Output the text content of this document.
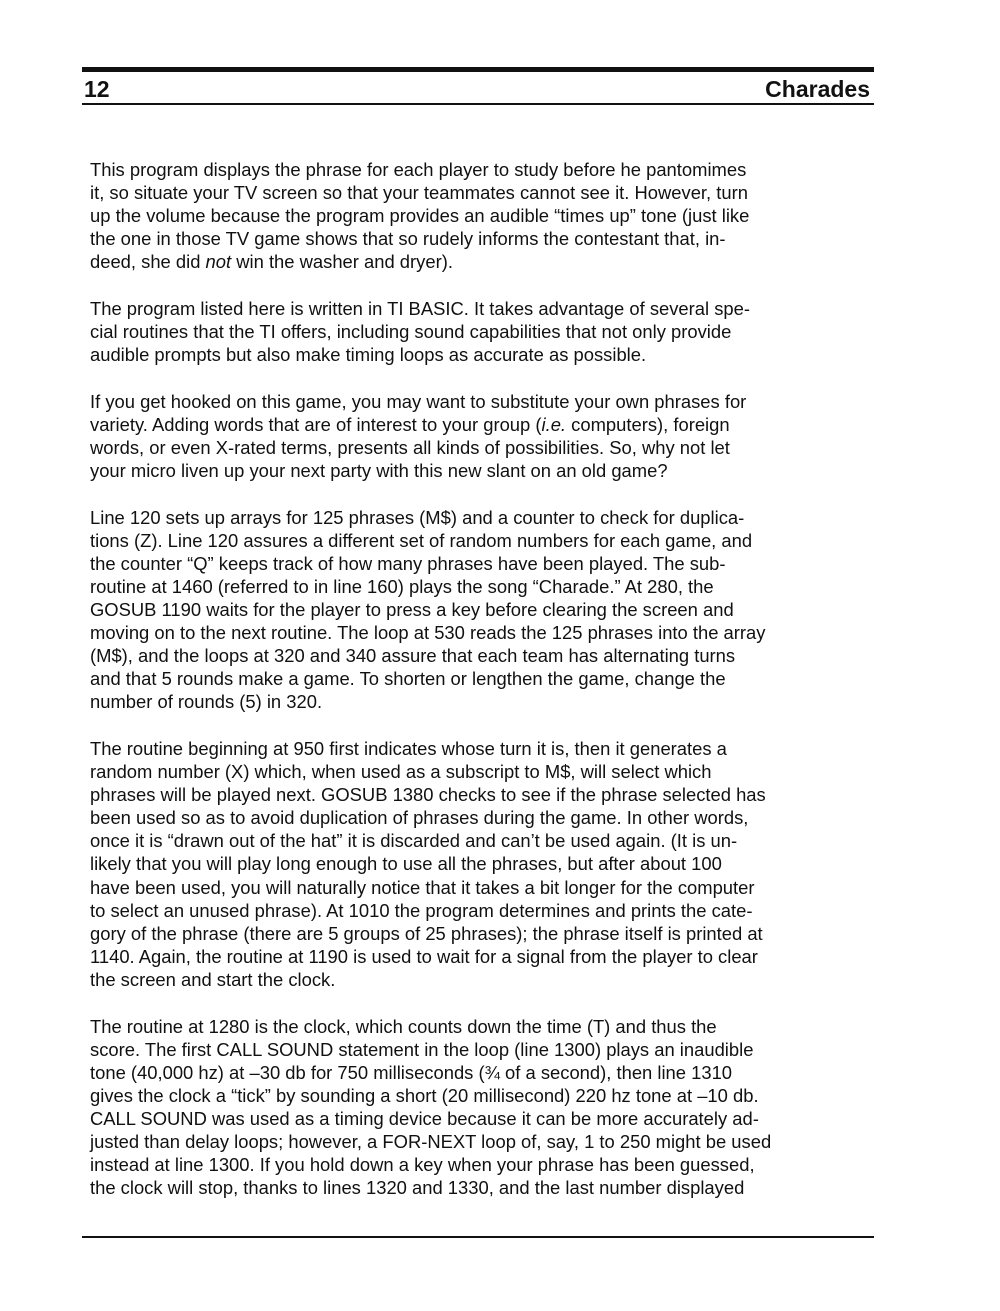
12	Charades

This program displays the phrase for each player to study before he pantomimes
it, so situate your TV screen so that your teammates cannot see it. However, turn
up the volume because the program provides an audible “times up” tone (just like
the one in those TV game shows that so rudely informs the contestant that, in-
deed, she did not win the washer and dryer).

The program listed here is written in TI BASIC. It takes advantage of several spe-
cial routines that the TI offers, including sound capabilities that not only provide
audible prompts but also make timing loops as accurate as possible.

If you get hooked on this game, you may want to substitute your own phrases for
variety. Adding words that are of interest to your group (i.e. computers), foreign
words, or even X-rated terms, presents all kinds of possibilities. So, why not let
your micro liven up your next party with this new slant on an old game?

Line 120 sets up arrays for 125 phrases (M$) and a counter to check for duplica-
tions (Z). Line 120 assures a different set of random numbers for each game, and
the counter “Q” keeps track of how many phrases have been played. The sub-
routine at 1460 (referred to in line 160) plays the song “Charade.” At 280, the
GOSUB 1190 waits for the player to press a key before clearing the screen and
moving on to the next routine. The loop at 530 reads the 125 phrases into the array
(M$), and the loops at 320 and 340 assure that each team has alternating turns
and that 5 rounds make a game. To shorten or lengthen the game, change the
number of rounds (5) in 320.

The routine beginning at 950 first indicates whose turn it is, then it generates a
random number (X) which, when used as a subscript to M$, will select which
phrases will be played next. GOSUB 1380 checks to see if the phrase selected has
been used so as to avoid duplication of phrases during the game. In other words,
once it is “drawn out of the hat” it is discarded and can’t be used again. (It is un-
likely that you will play long enough to use all the phrases, but after about 100
have been used, you will naturally notice that it takes a bit longer for the computer
to select an unused phrase). At 1010 the program determines and prints the cate-
gory of the phrase (there are 5 groups of 25 phrases); the phrase itself is printed at
1140. Again, the routine at 1190 is used to wait for a signal from the player to clear
the screen and start the clock.

The routine at 1280 is the clock, which counts down the time (T) and thus the
score. The first CALL SOUND statement in the loop (line 1300) plays an inaudible
tone (40,000 hz) at –30 db for 750 milliseconds (¾ of a second), then line 1310
gives the clock a “tick” by sounding a short (20 millisecond) 220 hz tone at –10 db.
CALL SOUND was used as a timing device because it can be more accurately ad-
justed than delay loops; however, a FOR-NEXT loop of, say, 1 to 250 might be used
instead at line 1300. If you hold down a key when your phrase has been guessed,
the clock will stop, thanks to lines 1320 and 1330, and the last number displayed
